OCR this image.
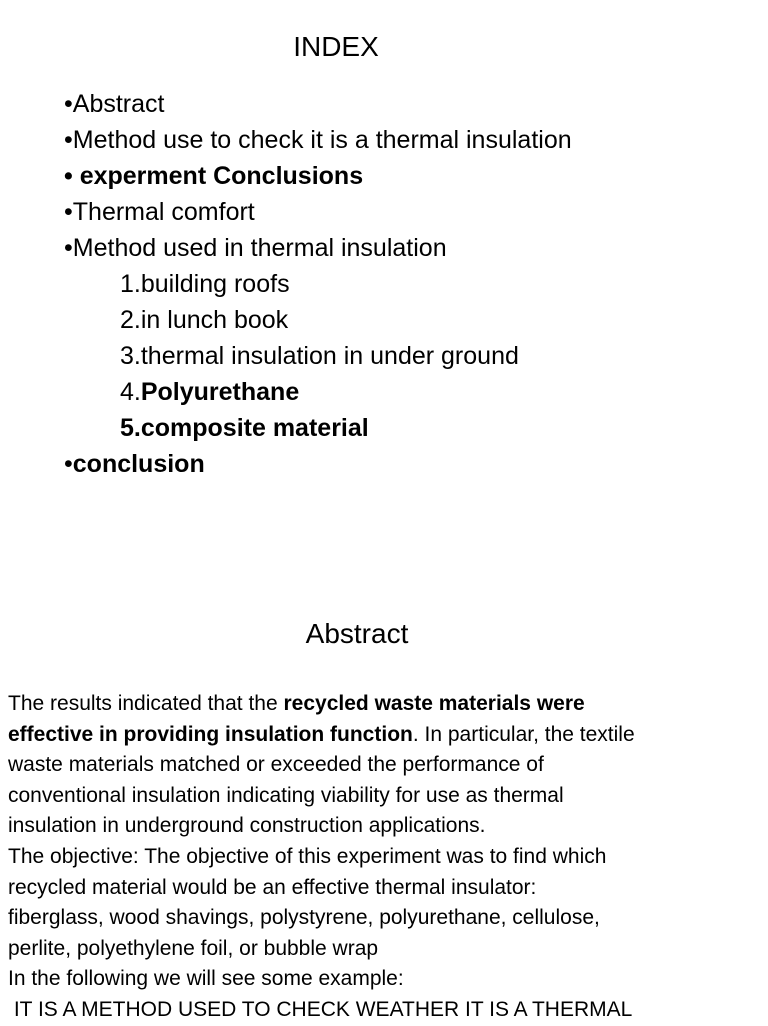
INDEX
•Abstract
•Method use to check it is a thermal insulation
• experment Conclusions
•Thermal comfort
•Method used in thermal insulation
1.building roofs
2.in lunch book
3.thermal insulation in under ground
4.Polyurethane
5.composite material
•conclusion
Abstract
The results indicated that the recycled waste materials were
effective in providing insulation function. In particular, the textile
waste materials matched or exceeded the performance of
conventional insulation indicating viability for use as thermal
insulation in underground construction applications.
The objective: The objective of this experiment was to find which
recycled material would be an effective thermal insulator:
fiberglass, wood shavings, polystyrene, polyurethane, cellulose,
perlite, polyethylene foil, or bubble wrap
In the following we will see some example:
IT IS A METHOD USED TO CHECK WEATHER IT IS A THERMAL
